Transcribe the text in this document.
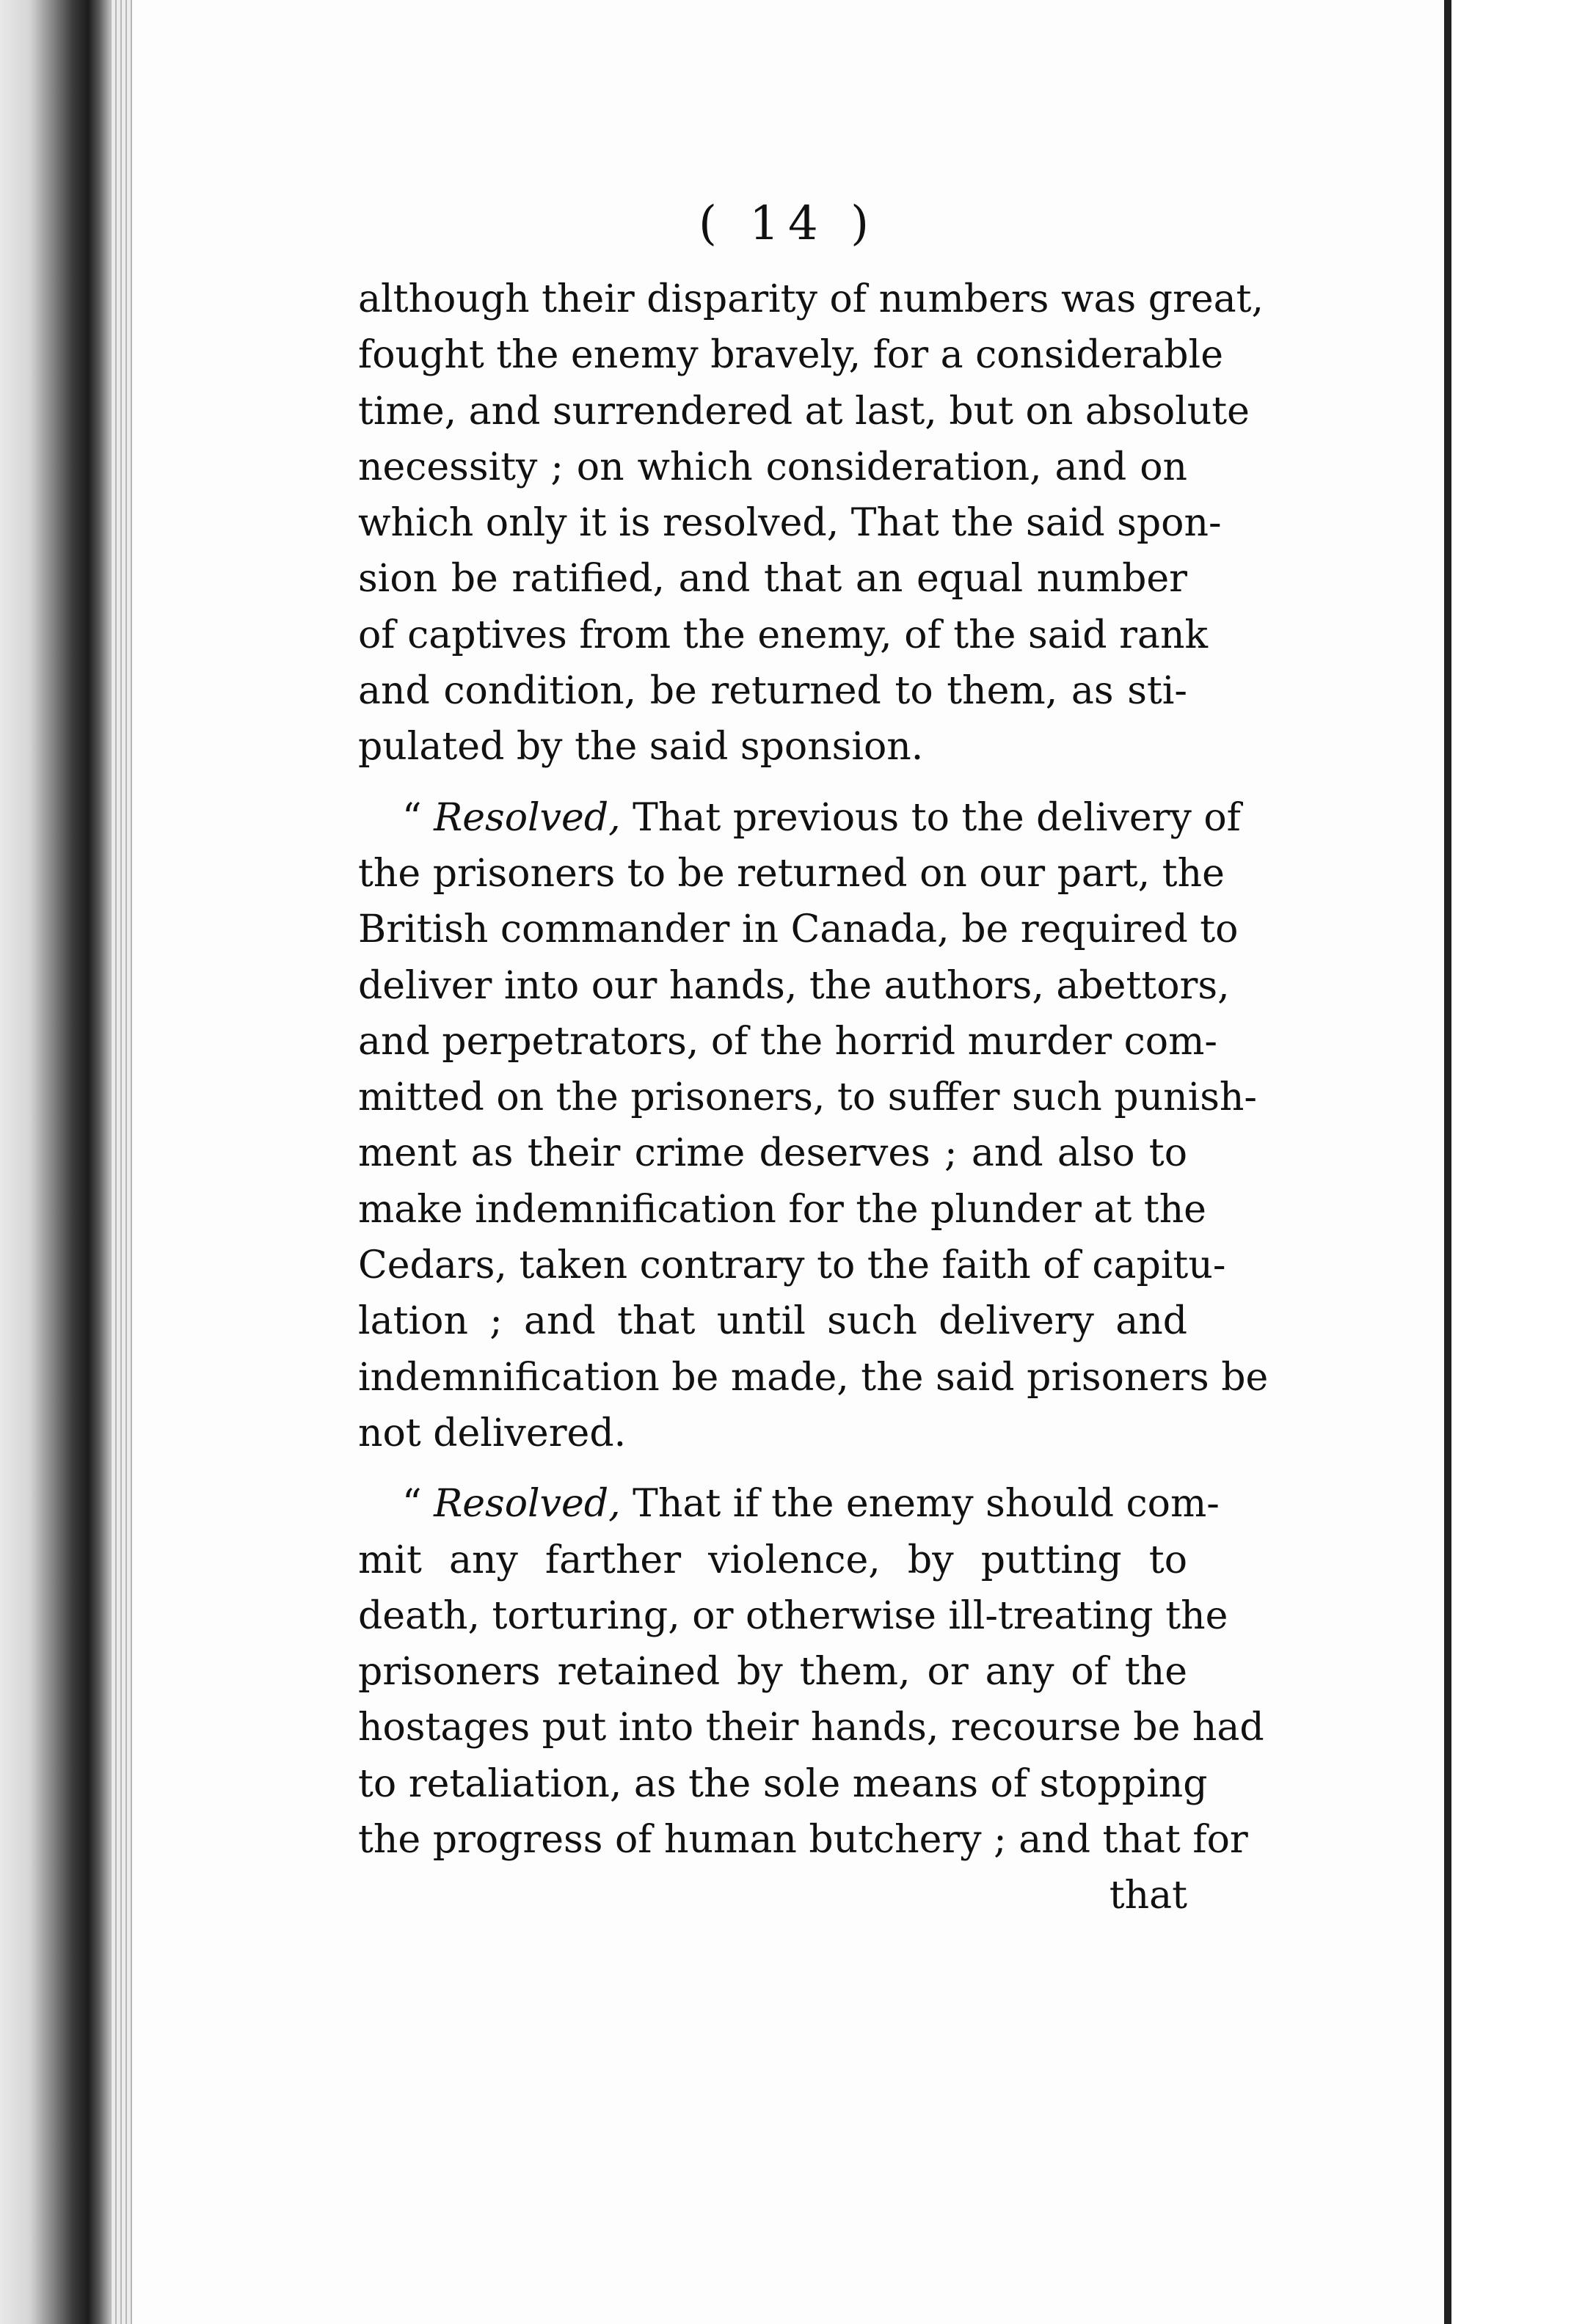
( 14 )
although their disparity of numbers was great,
fought the enemy bravely, for a considerable
time, and surrendered at last, but on absolute
necessity ; on which consideration, and on
which only it is resolved, That the said spon-
sion be ratified, and that an equal number
of captives from the enemy, of the said rank
and condition, be returned to them, as sti-
pulated by the said sponsion.
“ Resolved, That previous to the delivery of
the prisoners to be returned on our part, the
British commander in Canada, be required to
deliver into our hands, the authors, abettors,
and perpetrators, of the horrid murder com-
mitted on the prisoners, to suffer such punish-
ment as their crime deserves ; and also to
make indemnification for the plunder at the
Cedars, taken contrary to the faith of capitu-
lation ; and that until such delivery and
indemnification be made, the said prisoners be
not delivered.
“ Resolved, That if the enemy should com-
mit any farther violence, by putting to
death, torturing, or otherwise ill-treating the
prisoners retained by them, or any of the
hostages put into their hands, recourse be had
to retaliation, as the sole means of stopping
the progress of human butchery ; and that for
that
